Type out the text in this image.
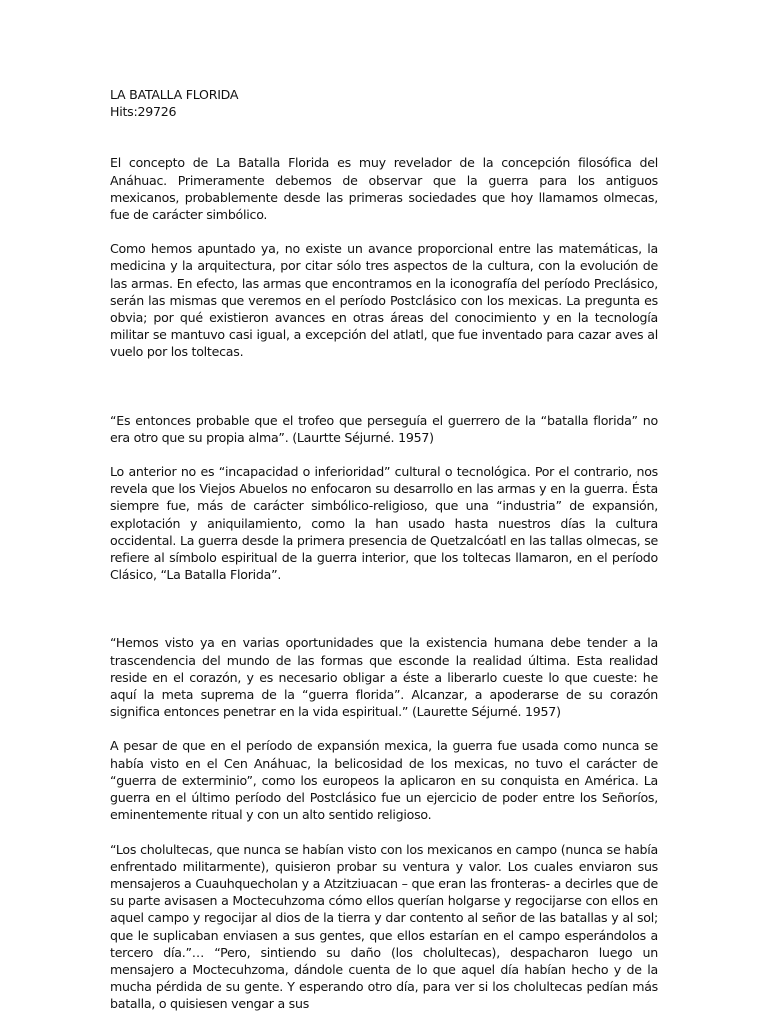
LA BATALLA FLORIDA

Hits:29726

El concepto de La Batalla Florida es muy revelador de la concepción filosófica del Anáhuac. Primeramente debemos de observar que la guerra para los antiguos mexicanos, probablemente desde las primeras sociedades que hoy llamamos olmecas, fue de carácter simbólico.

Como hemos apuntado ya, no existe un avance proporcional entre las matemáticas, la medicina y la arquitectura, por citar sólo tres aspectos de la cultura, con la evolución de las armas. En efecto, las armas que encontramos en la iconografía del período Preclásico, serán las mismas que veremos en el período Postclásico con los mexicas. La pregunta es obvia; por qué existieron avances en otras áreas del conocimiento y en la tecnología militar se mantuvo casi igual, a excepción del atlatl, que fue inventado para cazar aves al vuelo por los toltecas.

“Es entonces probable que el trofeo que perseguía el guerrero de la “batalla florida” no era otro que su propia alma”. (Laurtte Séjurné. 1957)

Lo anterior no es “incapacidad o inferioridad” cultural o tecnológica. Por el contrario, nos revela que los Viejos Abuelos no enfocaron su desarrollo en las armas y en la guerra. Ésta siempre fue, más de carácter simbólico-religioso, que una “industria” de expansión, explotación y aniquilamiento, como la han usado hasta nuestros días la cultura occidental. La guerra desde la primera presencia de Quetzalcóatl en las tallas olmecas, se refiere al símbolo espiritual de la guerra interior, que los toltecas llamaron, en el período Clásico, “La Batalla Florida”.

“Hemos visto ya en varias oportunidades que la existencia humana debe tender a la trascendencia del mundo de las formas que esconde la realidad última. Esta realidad reside en el corazón, y es necesario obligar a éste a liberarlo cueste lo que cueste: he aquí la meta suprema de la “guerra florida”. Alcanzar, a apoderarse de su corazón significa entonces penetrar en la vida espiritual.” (Laurette Séjurné. 1957)

A pesar de que en el período de expansión mexica, la guerra fue usada como nunca se había visto en el Cen Anáhuac, la belicosidad de los mexicas, no tuvo el carácter de “guerra de exterminio”, como los europeos la aplicaron en su conquista en América. La guerra en el último período del Postclásico fue un ejercicio de poder entre los Señoríos, eminentemente ritual y con un alto sentido religioso.

“Los cholultecas, que nunca se habían visto con los mexicanos en campo (nunca se había enfrentado militarmente), quisieron probar su ventura y valor. Los cuales enviaron sus mensajeros a Cuauhquecholan y a Atzitziuacan – que eran las fronteras- a decirles que de su parte avisasen a Moctecuhzoma cómo ellos querían holgarse y regocijarse con ellos en aquel campo y regocijar al dios de la tierra y dar contento al señor de las batallas y al sol; que le suplicaban enviasen a sus gentes, que ellos estarían en el campo esperándolos a tercero día.”… “Pero, sintiendo su daño (los cholultecas), despacharon luego un mensajero a Moctecuhzoma, dándole cuenta de lo que aquel día habían hecho y de la mucha pérdida de su gente. Y esperando otro día, para ver si los cholultecas pedían más batalla, o quisiesen vengar a sus
